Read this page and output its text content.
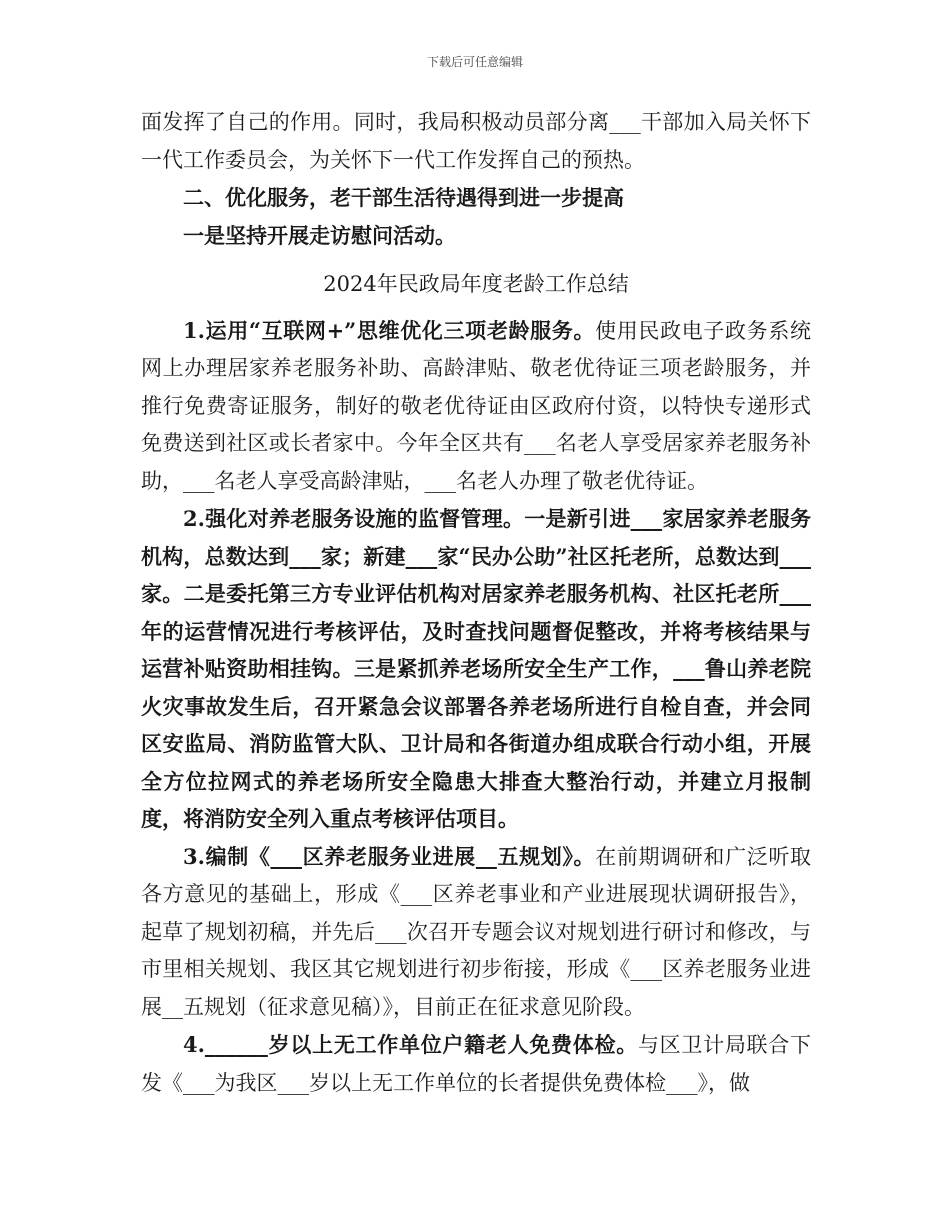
下载后可任意编辑

面发挥了自己的作用。同时，我局积极动员部分离___干部加入局关怀下一代工作委员会，为关怀下一代工作发挥自己的预热。

二、优化服务，老干部生活待遇得到进一步提高

一是坚持开展走访慰问活动。

2024年民政局年度老龄工作总结

1.运用“互联网+”思维优化三项老龄服务。使用民政电子政务系统网上办理居家养老服务补助、高龄津贴、敬老优待证三项老龄服务，并推行免费寄证服务，制好的敬老优待证由区政府付资，以特快专递形式免费送到社区或长者家中。今年全区共有___名老人享受居家养老服务补助，___名老人享受高龄津贴，___名老人办理了敬老优待证。

2.强化对养老服务设施的监督管理。一是新引进___家居家养老服务机构，总数达到___家；新建___家“民办公助”社区托老所，总数达到___家。二是委托第三方专业评估机构对居家养老服务机构、社区托老所___年的运营情况进行考核评估，及时查找问题督促整改，并将考核结果与运营补贴资助相挂钩。三是紧抓养老场所安全生产工作，___鲁山养老院火灾事故发生后，召开紧急会议部署各养老场所进行自检自查，并会同区安监局、消防监管大队、卫计局和各街道办组成联合行动小组，开展全方位拉网式的养老场所安全隐患大排查大整治行动，并建立月报制度，将消防安全列入重点考核评估项目。

3.编制《___区养老服务业进展__五规划》。在前期调研和广泛听取各方意见的基础上，形成《___区养老事业和产业进展现状调研报告》，起草了规划初稿，并先后___次召开专题会议对规划进行研讨和修改，与市里相关规划、我区其它规划进行初步衔接，形成《___区养老服务业进展__五规划（征求意见稿）》，目前正在征求意见阶段。

4.______岁以上无工作单位户籍老人免费体检。与区卫计局联合下发《___为我区___岁以上无工作单位的长者提供免费体检___》，做
